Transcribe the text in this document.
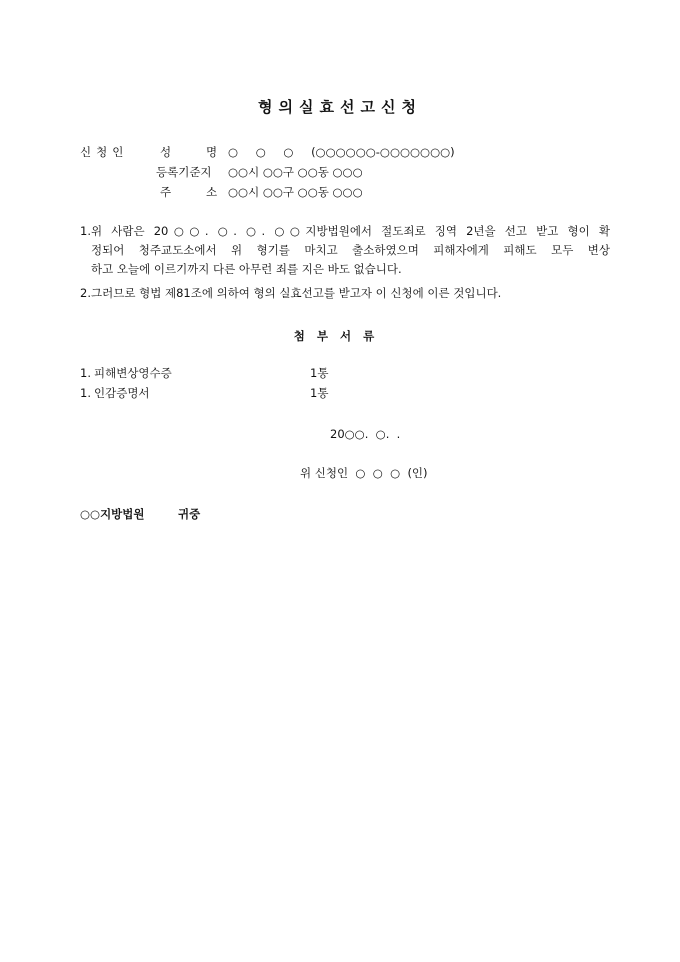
형의실효선고신청
신청인	성	명 ○ ○ ○ (○○○○○○-○○○○○○○)
등록기준지 ○○시 ○○구 ○○동 ○○○
주	소 ○○시 ○○구 ○○동 ○○○
1. 위 사람은 20○○. ○. ○. ○○지방법원에서 절도죄로 징역 2년을 선고 받고 형이 확
정되어 청주교도소에서 위 형기를 마치고 출소하였으며 피해자에게 피해도 모두 변상
하고 오늘에 이르기까지 다른 아무런 죄를 지은 바도 없습니다.
2. 그러므로 형법 제81조에 의하여 형의 실효선고를 받고자 이 신청에 이른 것입니다.
첨부서류
1. 피해변상영수증	1통
1. 인감증명서	1통
20○○.  ○.  .
위 신청인  ○  ○  ○  (인)
○○지방법원	귀중
